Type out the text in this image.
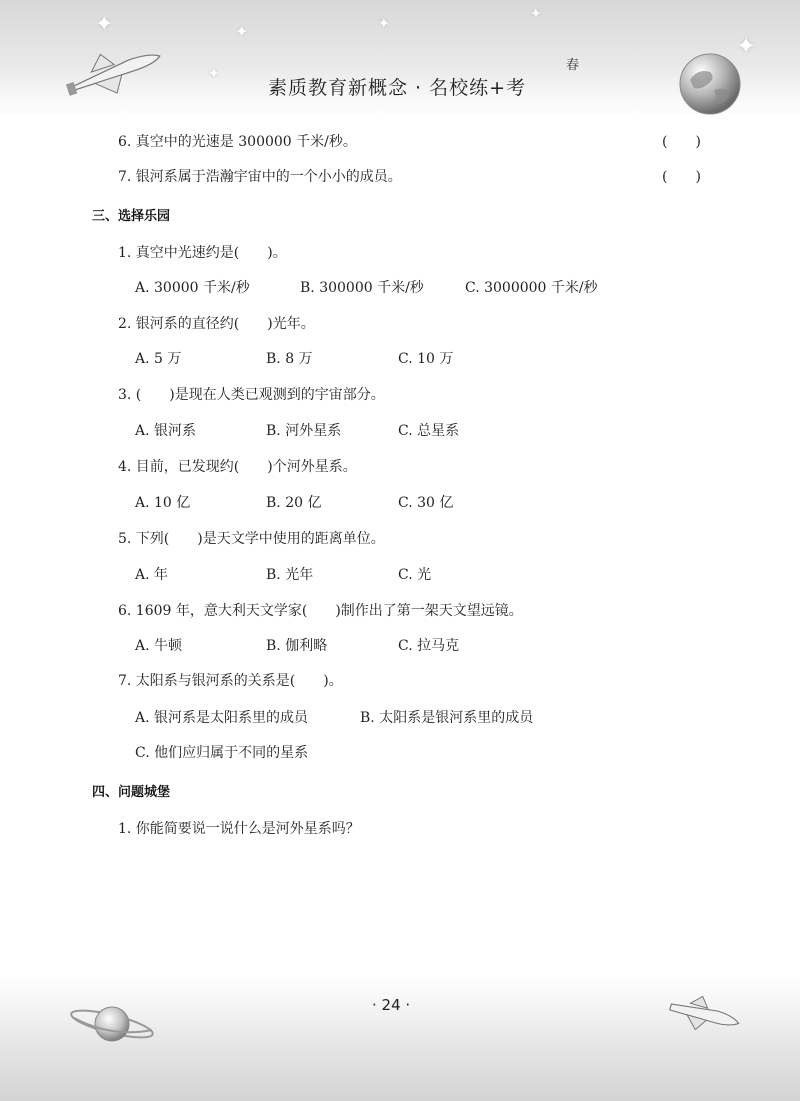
✦	✦	✦
✦
✦
✦
素质教育新概念 · 名校练+考
春
6. 真空中的光速是 300000 千米/秒。	(　　)
7. 银河系属于浩瀚宇宙中的一个小小的成员。	(　　)
三、选择乐园
1. 真空中光速约是(　　)。
A. 30000 千米/秒	B. 300000 千米/秒	C. 3000000 千米/秒
2. 银河系的直径约(　　)光年。
A. 5 万	B. 8 万	C. 10 万
3. (　　)是现在人类已观测到的宇宙部分。
A. 银河系	B. 河外星系	C. 总星系
4. 目前，已发现约(　　)个河外星系。
A. 10 亿	B. 20 亿	C. 30 亿
5. 下列(　　)是天文学中使用的距离单位。
A. 年	B. 光年	C. 光
6. 1609 年，意大利天文学家(　　)制作出了第一架天文望远镜。
A. 牛顿	B. 伽利略	C. 拉马克
7. 太阳系与银河系的关系是(　　)。
A. 银河系是太阳系里的成员	B. 太阳系是银河系里的成员
C. 他们应归属于不同的星系
四、问题城堡
1. 你能简要说一说什么是河外星系吗？
· 24 ·
